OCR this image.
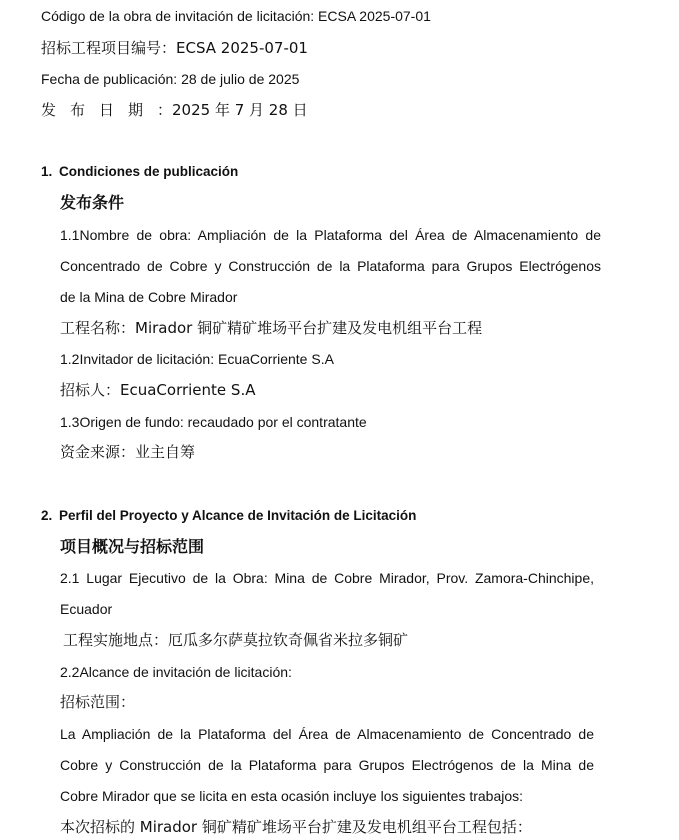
Código de la obra de invitación de licitación: ECSA 2025-07-01
招标工程项目编号：ECSA 2025-07-01
Fecha de publicación: 28 de julio de 2025
发布日期：2025 年 7 月 28 日
1. Condiciones de publicación
发布条件
1.1Nombre de obra: Ampliación de la Plataforma del Área de Almacenamiento de
Concentrado de Cobre y Construcción de la Plataforma para Grupos Electrógenos
de la Mina de Cobre Mirador
工程名称：Mirador 铜矿精矿堆场平台扩建及发电机组平台工程
1.2Invitador de licitación: EcuaCorriente S.A
招标人：EcuaCorriente S.A
1.3Origen de fundo: recaudado por el contratante
资金来源：业主自筹
2. Perfil del Proyecto y Alcance de Invitación de Licitación
项目概况与招标范围
2.1 Lugar Ejecutivo de la Obra: Mina de Cobre Mirador, Prov. Zamora-Chinchipe,
Ecuador
工程实施地点：厄瓜多尔萨莫拉钦奇佩省米拉多铜矿
2.2Alcance de invitación de licitación:
招标范围：
La Ampliación de la Plataforma del Área de Almacenamiento de Concentrado de
Cobre y Construcción de la Plataforma para Grupos Electrógenos de la Mina de
Cobre Mirador que se licita en esta ocasión incluye los siguientes trabajos:
本次招标的 Mirador 铜矿精矿堆场平台扩建及发电机组平台工程包括：
